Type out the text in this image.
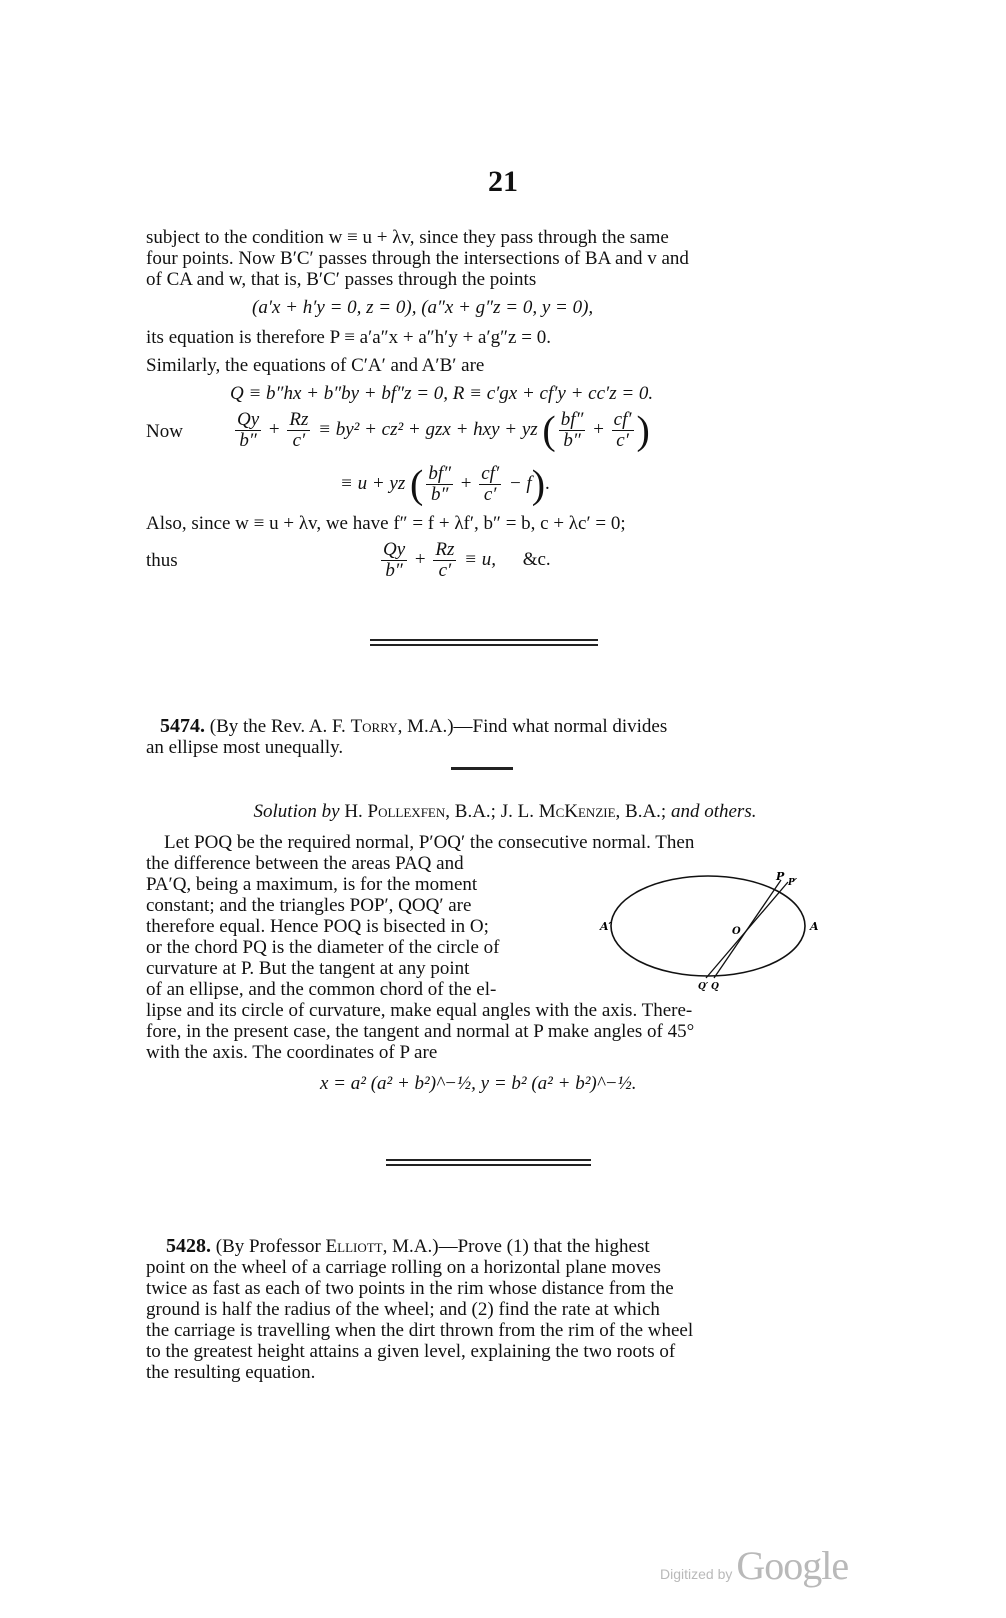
21
subject to the condition w ≡ u + λv, since they pass through the same
four points. Now B′C′ passes through the intersections of BA and v and
of CA and w, that is, B′C′ passes through the points
(a′x + h′y = 0, z = 0), (a″x + g″z = 0, y = 0),
its equation is therefore P ≡ a′a″x + a″h′y + a′g″z = 0.
Similarly, the equations of C′A′ and A′B′ are
Q ≡ b″hx + b″by + bf″z = 0, R ≡ c′gx + cf′y + cc′z = 0.
Now	$\frac{Qy}{b''} + \frac{Rz}{c'} \equiv by^2 + cz^2$ + gzx + hxy + yz ( $\frac{bf''}{b''} + \frac{cf'}{c'}$ )
≡ u + yz ( $\frac{bf''}{b''} + \frac{cf'}{c'} - f$).
Also, since w ≡ u + λv, we have f″ = f + λf′, b″ = b, c + λc′ = 0;
thus	$\frac{Qy}{b''} + \frac{Rz}{c'} \equiv u$, &c.
5474. (By the Rev. A. F. Torry, M.A.)—Find what normal divides
an ellipse most unequally.
Solution by H. Pollexfen, B.A.; J. L. McKenzie, B.A.; and others.
Let POQ be the required normal, P′OQ′ the consecutive normal. Then
the difference between the areas PAQ and
PA′Q, being a maximum, is for the moment
constant; and the triangles POP′, QOQ′ are
therefore equal. Hence POQ is bisected in O;
or the chord PQ is the diameter of the circle of
curvature at P. But the tangent at any point
of an ellipse, and the common chord of the el-
lipse and its circle of curvature, make equal angles with the axis. There-
fore, in the present case, the tangent and normal at P make angles of 45°
with the axis. The coordinates of P are
x = a² (a² + b²)^−½, y = b² (a² + b²)^−½.
P P′
Q′ Q
O	A
A′
5428. (By Professor Elliott, M.A.)—Prove (1) that the highest
point on the wheel of a carriage rolling on a horizontal plane moves
twice as fast as each of two points in the rim whose distance from the
ground is half the radius of the wheel; and (2) find the rate at which
the carriage is travelling when the dirt thrown from the rim of the wheel
to the greatest height attains a given level, explaining the two roots of
the resulting equation.
Digitized by Google
